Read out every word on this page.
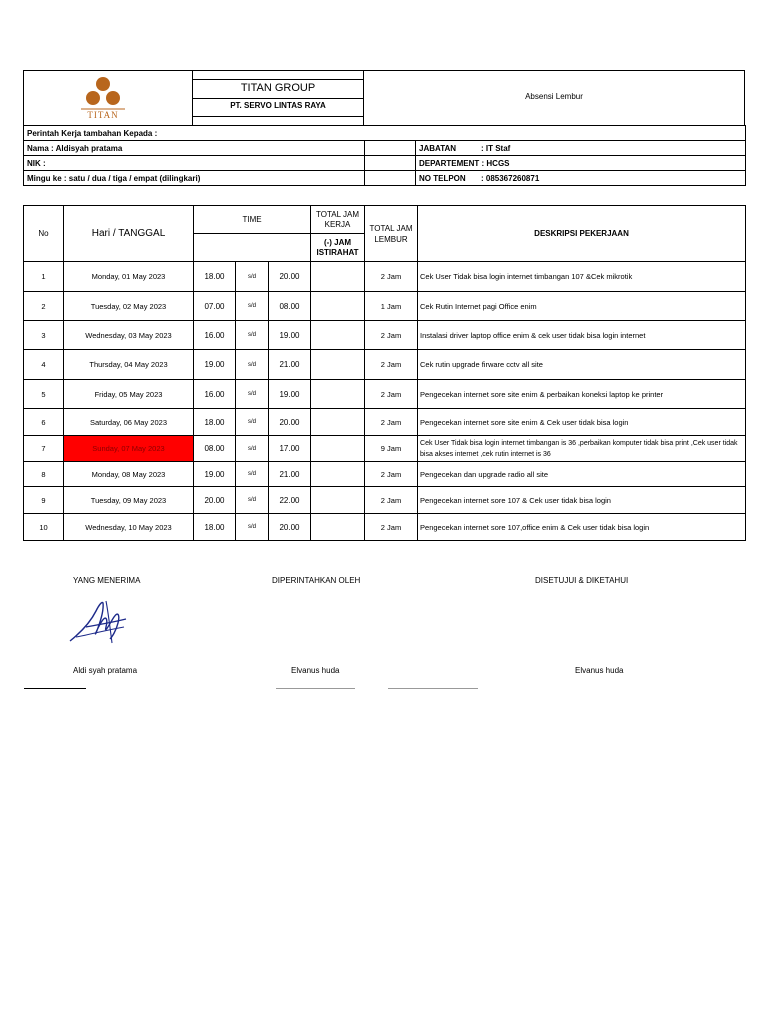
TITAN
TITAN GROUP
PT. SERVO LINTAS RAYA
Absensi Lembur
Perintah Kerja tambahan Kepada :		
Nama : Aldisyah pratama		JABATAN : IT Staf
NIK :		DEPARTEMENT : HCGS
Mingu ke : satu / dua / tiga / empat (dilingkari)		NO TELPON : 085367260871
No	Hari / TANGGAL	TIME			TOTAL JAM KERJA	TOTAL JAM LEMBUR	DESKRIPSI PEKERJAAN
					(-) JAM ISTIRAHAT		
1	Monday, 01 May 2023	18.00	s/d	20.00		2 Jam	Cek User Tidak bisa login internet timbangan 107 &Cek mikrotik
2	Tuesday, 02 May 2023	07.00	s/d	08.00		1 Jam	Cek Rutin Internet pagi Office enim
3	Wednesday, 03 May 2023	16.00	s/d	19.00		2 Jam	Instalasi driver laptop office enim & cek user tidak bisa login internet
4	Thursday, 04 May 2023	19.00	s/d	21.00		2 Jam	Cek rutin upgrade firware cctv all site
5	Friday, 05 May 2023	16.00	s/d	19.00		2 Jam	Pengecekan internet sore site enim & perbaikan koneksi laptop ke printer
6	Saturday, 06 May 2023	18.00	s/d	20.00		2 Jam	Pengecekan internet sore site enim & Cek user tidak bisa login
7	Sunday, 07 May 2023	08.00	s/d	17.00		9 Jam	Cek User Tidak bisa login internet timbangan is 36 ,perbaikan komputer tidak bisa print ,Cek user tidak bisa akses internet ,cek rutin internet is 36
8	Monday, 08 May 2023	19.00	s/d	21.00		2 Jam	Pengecekan dan upgrade radio all site
9	Tuesday, 09 May 2023	20.00	s/d	22.00		2 Jam	Pengecekan internet sore 107 & Cek user tidak bisa login
10	Wednesday, 10 May 2023	18.00	s/d	20.00		2 Jam	Pengecekan internet sore 107,office enim & Cek user tidak bisa login
YANG MENERIMA	DIPERINTAHKAN OLEH	DISETUJUI & DIKETAHUI
Aldi syah pratama	Elvanus huda	Elvanus huda
